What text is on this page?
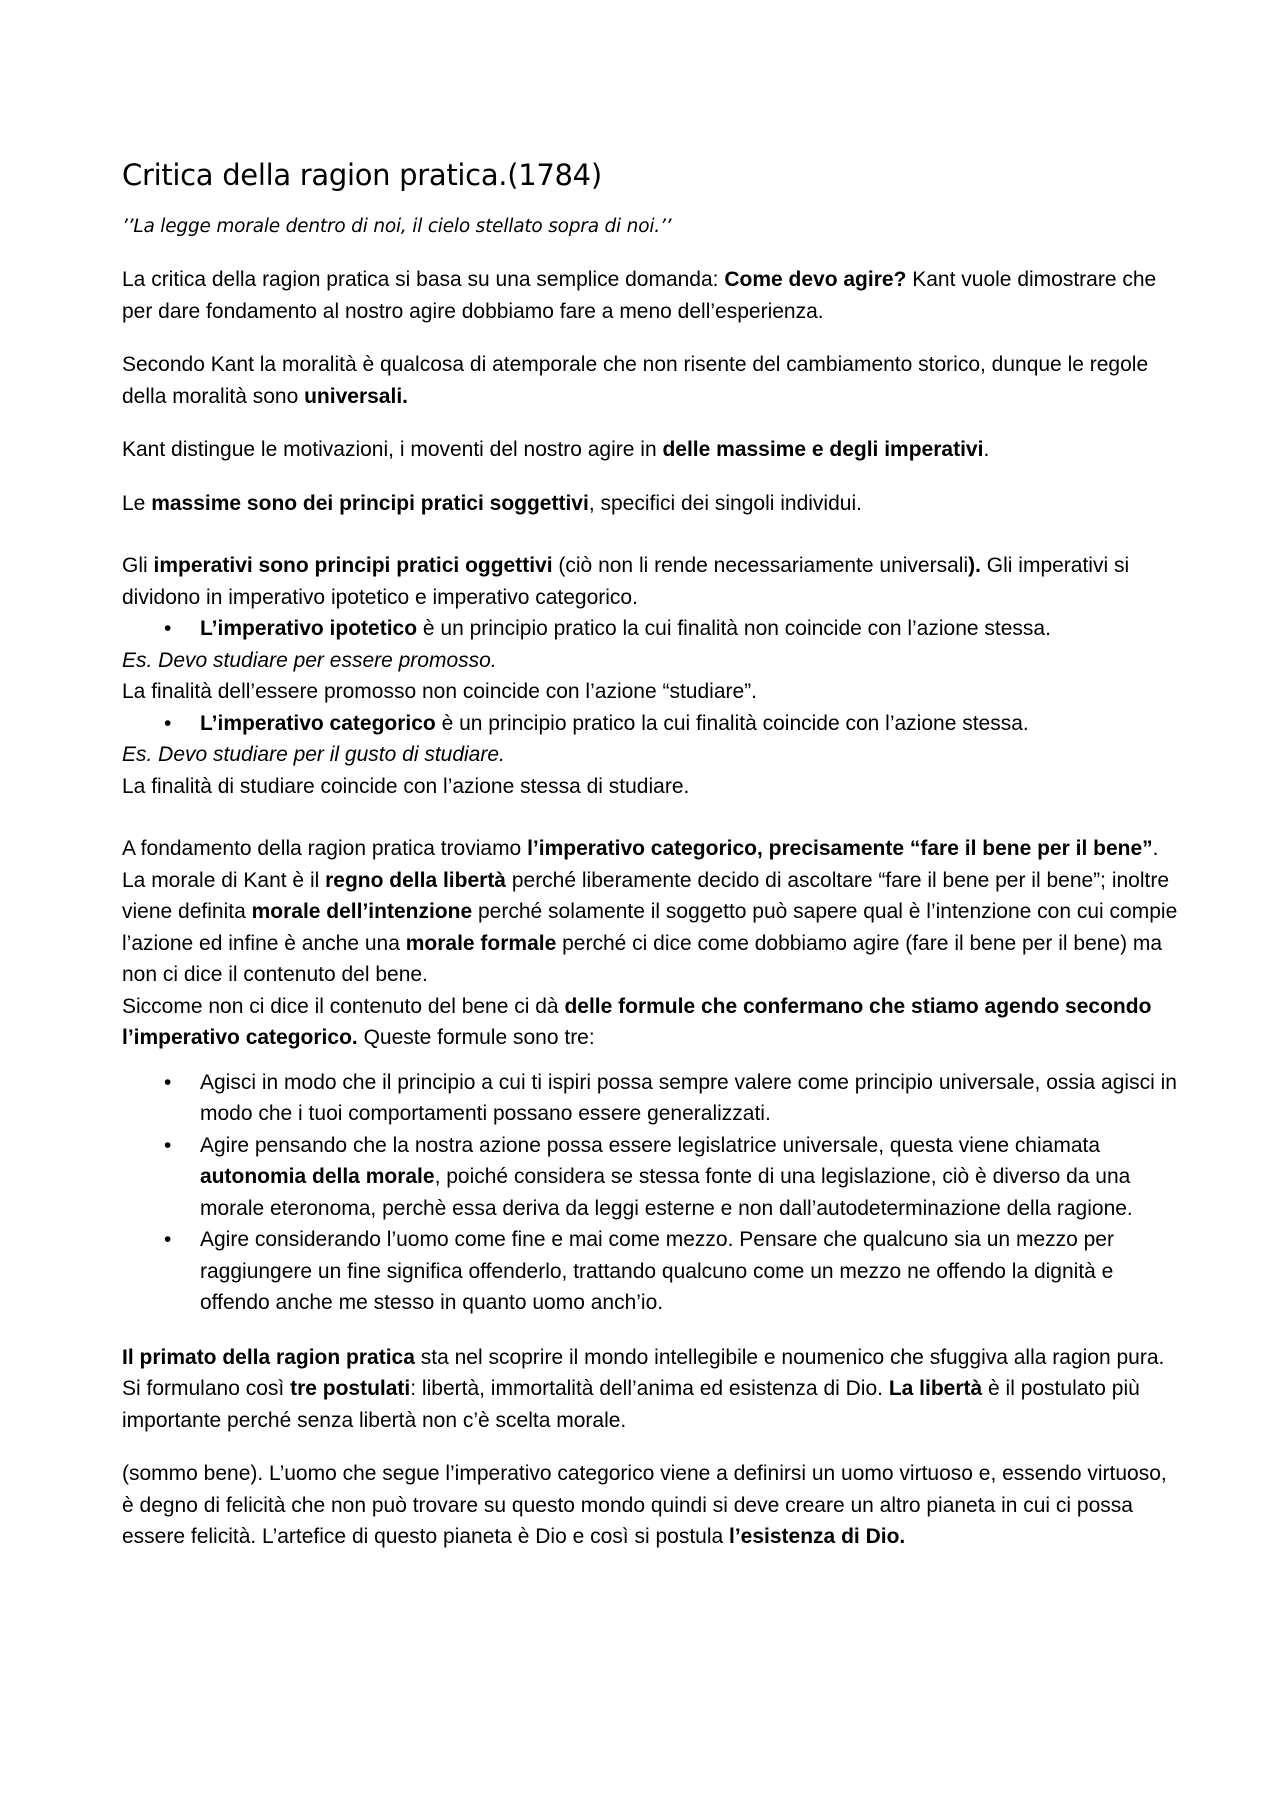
Critica della ragion pratica.(1784)
’’La legge morale dentro di noi, il cielo stellato sopra di noi.’’

La critica della ragion pratica si basa su una semplice domanda: Come devo agire? Kant vuole dimostrare che per dare fondamento al nostro agire dobbiamo fare a meno dell’esperienza.

Secondo Kant la moralità è qualcosa di atemporale che non risente del cambiamento storico, dunque le regole della moralità sono universali.

Kant distingue le motivazioni, i moventi del nostro agire in delle massime e degli imperativi.

Le massime sono dei principi pratici soggettivi, specifici dei singoli individui.

Gli imperativi sono principi pratici oggettivi (ciò non li rende necessariamente universali). Gli imperativi si dividono in imperativo ipotetico e imperativo categorico.

• L’imperativo ipotetico è un principio pratico la cui finalità non coincide con l’azione stessa.

Es. Devo studiare per essere promosso.

La finalità dell’essere promosso non coincide con l’azione “studiare”.

• L’imperativo categorico è un principio pratico la cui finalità coincide con l’azione stessa.

Es. Devo studiare per il gusto di studiare.

La finalità di studiare coincide con l’azione stessa di studiare.

A fondamento della ragion pratica troviamo l’imperativo categorico, precisamente “fare il bene per il bene”. La morale di Kant è il regno della libertà perché liberamente decido di ascoltare “fare il bene per il bene”; inoltre viene definita morale dell’intenzione perché solamente il soggetto può sapere qual è l’intenzione con cui compie l’azione ed infine è anche una morale formale perché ci dice come dobbiamo agire (fare il bene per il bene) ma non ci dice il contenuto del bene.

Siccome non ci dice il contenuto del bene ci dà delle formule che confermano che stiamo agendo secondo l’imperativo categorico. Queste formule sono tre:

• Agisci in modo che il principio a cui ti ispiri possa sempre valere come principio universale, ossia agisci in modo che i tuoi comportamenti possano essere generalizzati.
• Agire pensando che la nostra azione possa essere legislatrice universale, questa viene chiamata autonomia della morale, poiché considera se stessa fonte di una legislazione, ciò è diverso da una morale eteronoma, perchè essa deriva da leggi esterne e non dall’autodeterminazione della ragione.
• Agire considerando l’uomo come fine e mai come mezzo. Pensare che qualcuno sia un mezzo per raggiungere un fine significa offenderlo, trattando qualcuno come un mezzo ne offendo la dignità e offendo anche me stesso in quanto uomo anch’io.

Il primato della ragion pratica sta nel scoprire il mondo intellegibile e noumenico che sfuggiva alla ragion pura. Si formulano così tre postulati: libertà, immortalità dell’anima ed esistenza di Dio. La libertà è il postulato più importante perché senza libertà non c’è scelta morale.

(sommo bene). L’uomo che segue l’imperativo categorico viene a definirsi un uomo virtuoso e, essendo virtuoso, è degno di felicità che non può trovare su questo mondo quindi si deve creare un altro pianeta in cui ci possa essere felicità. L’artefice di questo pianeta è Dio e così si postula l’esistenza di Dio.
